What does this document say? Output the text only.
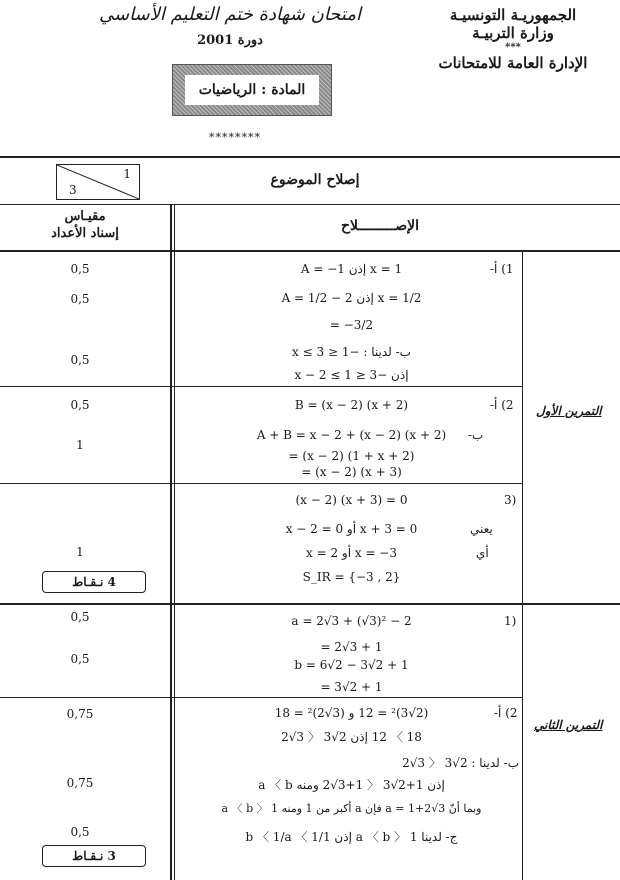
الجمهوريـة التونسيـة
وزارة التربيـة
***
الإدارة العامة للامتحانات
امتحان شهادة ختم التعليم الأساسي
دورة 2001
المادة : الرياضيات
********
1
3
إصلاح الموضوع
مقيـاس
إسناد الأعداد	الإصـــــــــلاح
التمرين الأول
0,5
0,5
0,5
0,5
1
1
4 نـقـاط
1) أ-
x = 1 إذن A = −1
x = 1/2 إذن A = 1/2 − 2
= −3/2
ب- لدينا : −1 ≤ x ≤ 3
إذن −3 ≤ x − 2 ≤ 1
2) أ-
B = (x − 2) (x + 2)
ب-
A + B = x − 2 + (x − 2) (x + 2)
= (x − 2) (1 + x + 2)
= (x − 2) (x + 3)
3)
(x − 2) (x + 3) = 0
يعني
x + 3 = 0 أو x − 2 = 0
أي
x = −3 أو x = 2
S_IR = {−3 , 2}
التمرين الثاني
0,5
0,5
0,75
0,75
0,5
3 نـقـاط
1)
a = 2√3 + (√3)² − 2
= 2√3 + 1
b = 6√2 − 3√2 + 1
= 3√2 + 1
2) أ-
(2√3)² = 12 و (3√2)² = 18
18 〉 12 إذن 2√3 〈 3√2
ب- لدينا : 2√3 〈 3√2
إذن 1+2√3 〈 1+3√2 ومنه a 〈 b
وبما أنّ a = 1+2√3 فإن a أكبر من 1 ومنه 1 〈 a 〈 b
ج- لدينا 1 〈 a 〈 b إذن 1/b 〈 1/a 〈 1
